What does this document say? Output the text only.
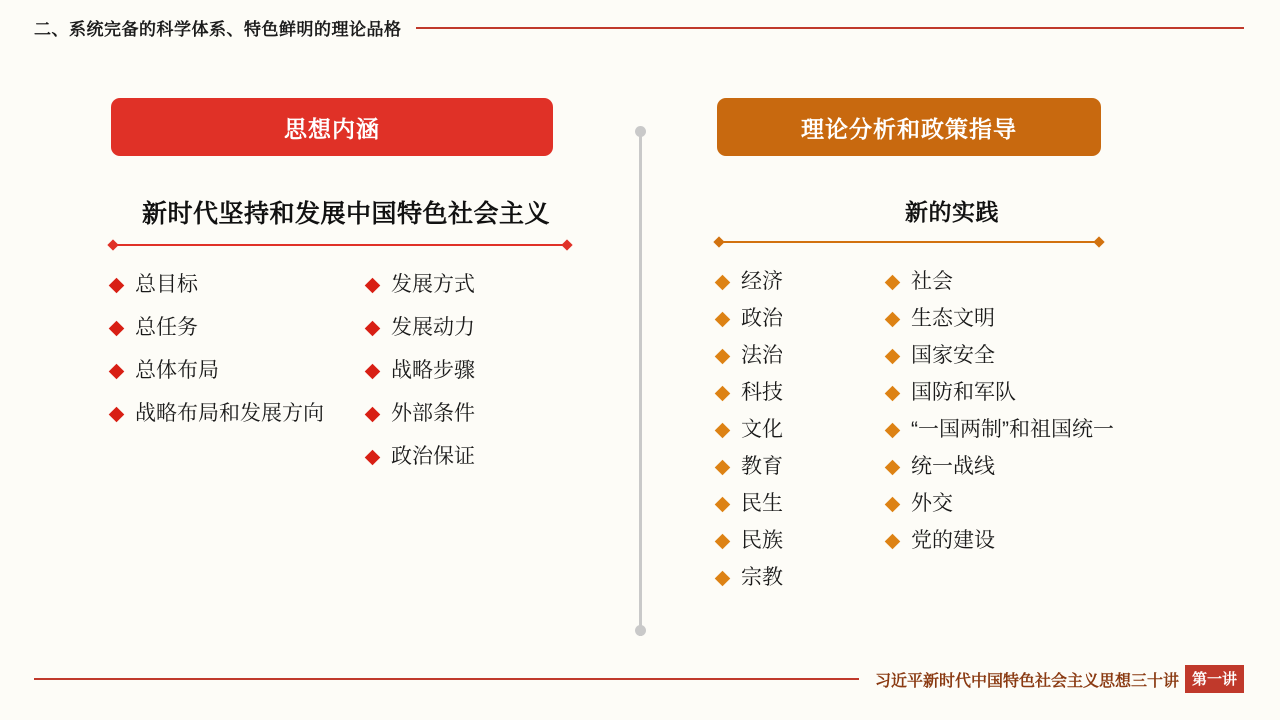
二、系统完备的科学体系、特色鲜明的理论品格
思想内涵
新时代坚持和发展中国特色社会主义
总目标
总任务
总体布局
战略布局和发展方向
发展方式
发展动力
战略步骤
外部条件
政治保证
理论分析和政策指导
新的实践
经济
政治
法治
科技
文化
教育
民生
民族
宗教
社会
生态文明
国家安全
国防和军队
“一国两制”和祖国统一
统一战线
外交
党的建设
习近平新时代中国特色社会主义思想三十讲 第一讲
